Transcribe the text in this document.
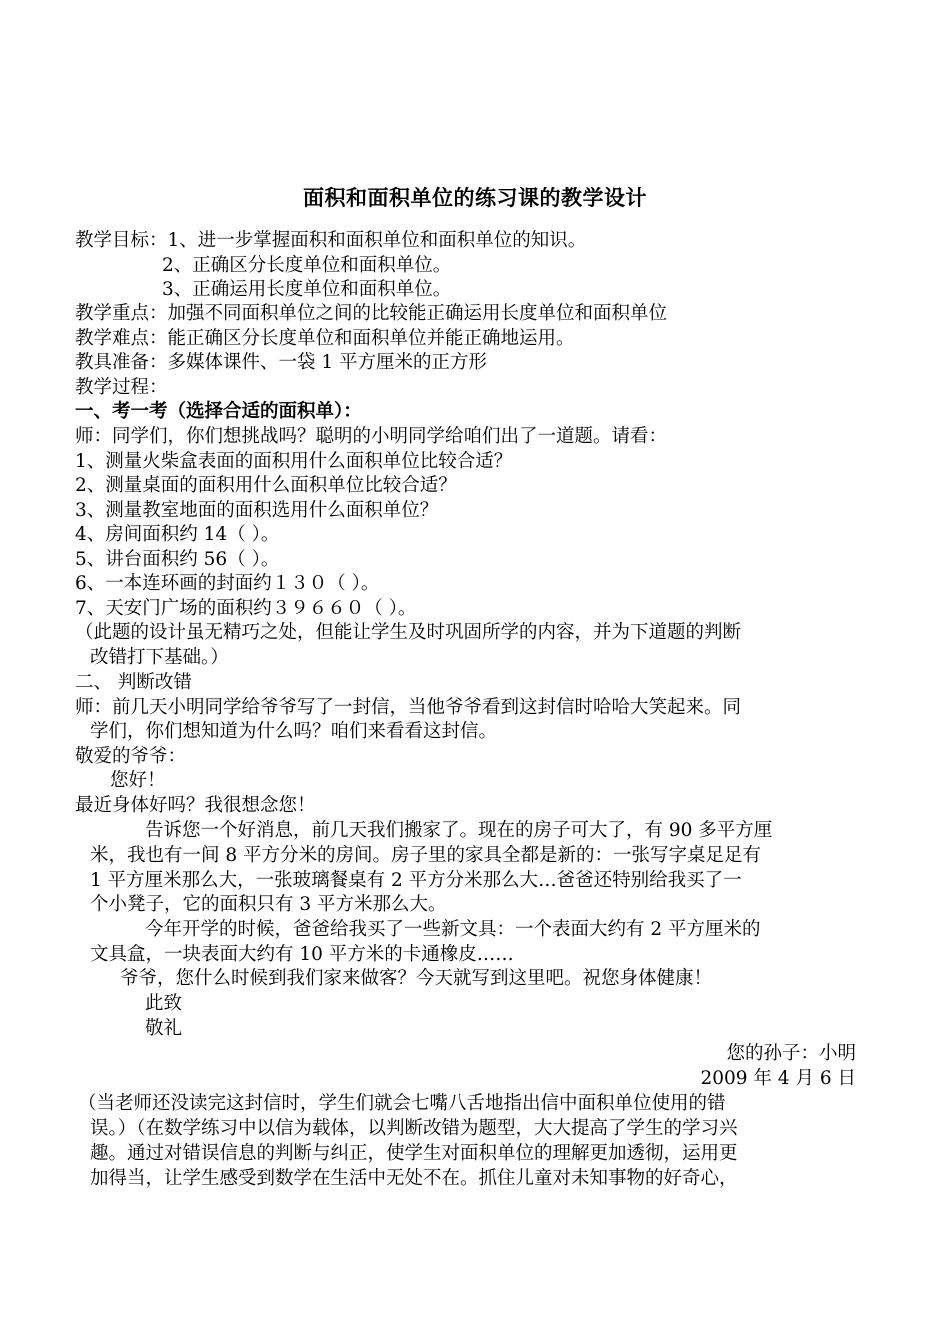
面积和面积单位的练习课的教学设计
教学目标：1、进一步掌握面积和面积单位和面积单位的知识。
2、正确区分长度单位和面积单位。
3、正确运用长度单位和面积单位。
教学重点：加强不同面积单位之间的比较能正确运用长度单位和面积单位
教学难点：能正确区分长度单位和面积单位并能正确地运用。
教具准备：多媒体课件、一袋 1 平方厘米的正方形
教学过程：
一、考一考（选择合适的面积单）：
师：同学们，你们想挑战吗？聪明的小明同学给咱们出了一道题。请看：
1、测量火柴盒表面的面积用什么面积单位比较合适？
2、测量桌面的面积用什么面积单位比较合适？
3、测量教室地面的面积选用什么面积单位？
4、房间面积约 14（ ）。
5、讲台面积约 56（ ）。
6、一本连环画的封面约１３０（ ）。
7、天安门广场的面积约３９６６０（ ）。
（此题的设计虽无精巧之处，但能让学生及时巩固所学的内容，并为下道题的判断
改错打下基础。）
二、 判断改错
师：前几天小明同学给爷爷写了一封信，当他爷爷看到这封信时哈哈大笑起来。同
学们，你们想知道为什么吗？咱们来看看这封信。
敬爱的爷爷：
您好！
最近身体好吗？我很想念您！
告诉您一个好消息，前几天我们搬家了。现在的房子可大了，有 90 多平方厘
米，我也有一间 8 平方分米的房间。房子里的家具全都是新的：一张写字桌足足有
1 平方厘米那么大，一张玻璃餐桌有 2 平方分米那么大…爸爸还特别给我买了一
个小凳子，它的面积只有 3 平方米那么大。
今年开学的时候，爸爸给我买了一些新文具：一个表面大约有 2 平方厘米的
文具盒，一块表面大约有 10 平方米的卡通橡皮……
爷爷，您什么时候到我们家来做客？今天就写到这里吧。祝您身体健康！
此致
敬礼
您的孙子：小明
2009 年 4 月 6 日
（当老师还没读完这封信时，学生们就会七嘴八舌地指出信中面积单位使用的错
误。）（在数学练习中以信为载体，以判断改错为题型，大大提高了学生的学习兴
趣。通过对错误信息的判断与纠正，使学生对面积单位的理解更加透彻，运用更
加得当，让学生感受到数学在生活中无处不在。抓住儿童对未知事物的好奇心，
